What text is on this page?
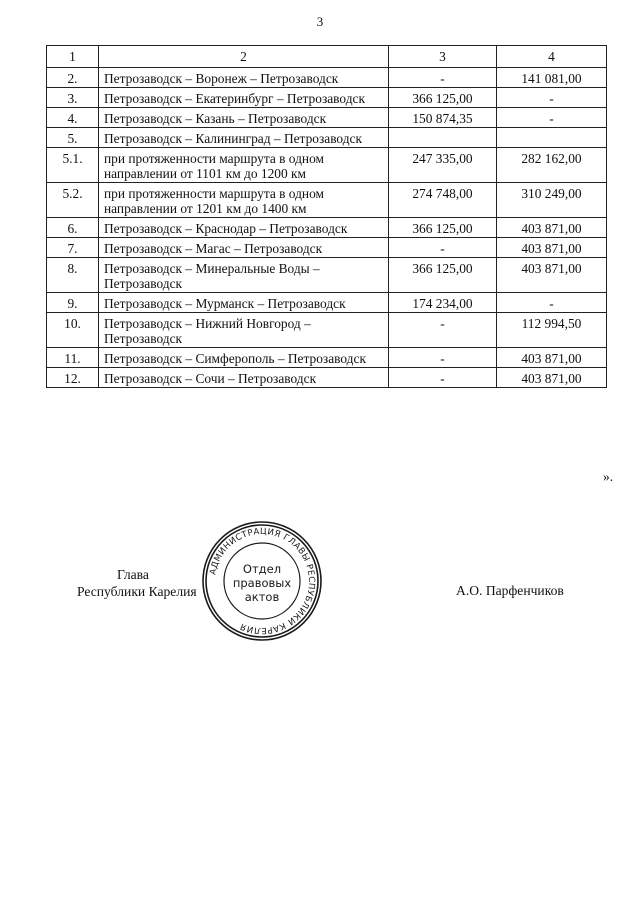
3
1	2	3	4
2.	Петрозаводск – Воронеж – Петрозаводск	-	141 081,00
3.	Петрозаводск – Екатеринбург – Петрозаводск	366 125,00	-
4.	Петрозаводск – Казань – Петрозаводск	150 874,35	-
5.	Петрозаводск – Калининград – Петрозаводск		
5.1.	при протяженности маршрута в одном направлении от 1101 км до 1200 км	247 335,00	282 162,00
5.2.	при протяженности маршрута в одном направлении от 1201 км до 1400 км	274 748,00	310 249,00
6.	Петрозаводск – Краснодар – Петрозаводск	366 125,00	403 871,00
7.	Петрозаводск – Магас – Петрозаводск	-	403 871,00
8.	Петрозаводск – Минеральные Воды – Петрозаводск	366 125,00	403 871,00
9.	Петрозаводск – Мурманск – Петрозаводск	174 234,00	-
10.	Петрозаводск – Нижний Новгород – Петрозаводск	-	112 994,50
11.	Петрозаводск – Симферополь – Петрозаводск	-	403 871,00
12.	Петрозаводск – Сочи – Петрозаводск	-	403 871,00
».
Глава
Республики Карелия	А.О. Парфенчиков
АДМИНИСТРАЦИЯ ГЛАВЫ РЕСПУБЛИКИ КАРЕЛИЯ
Отдел
правовых
актов
